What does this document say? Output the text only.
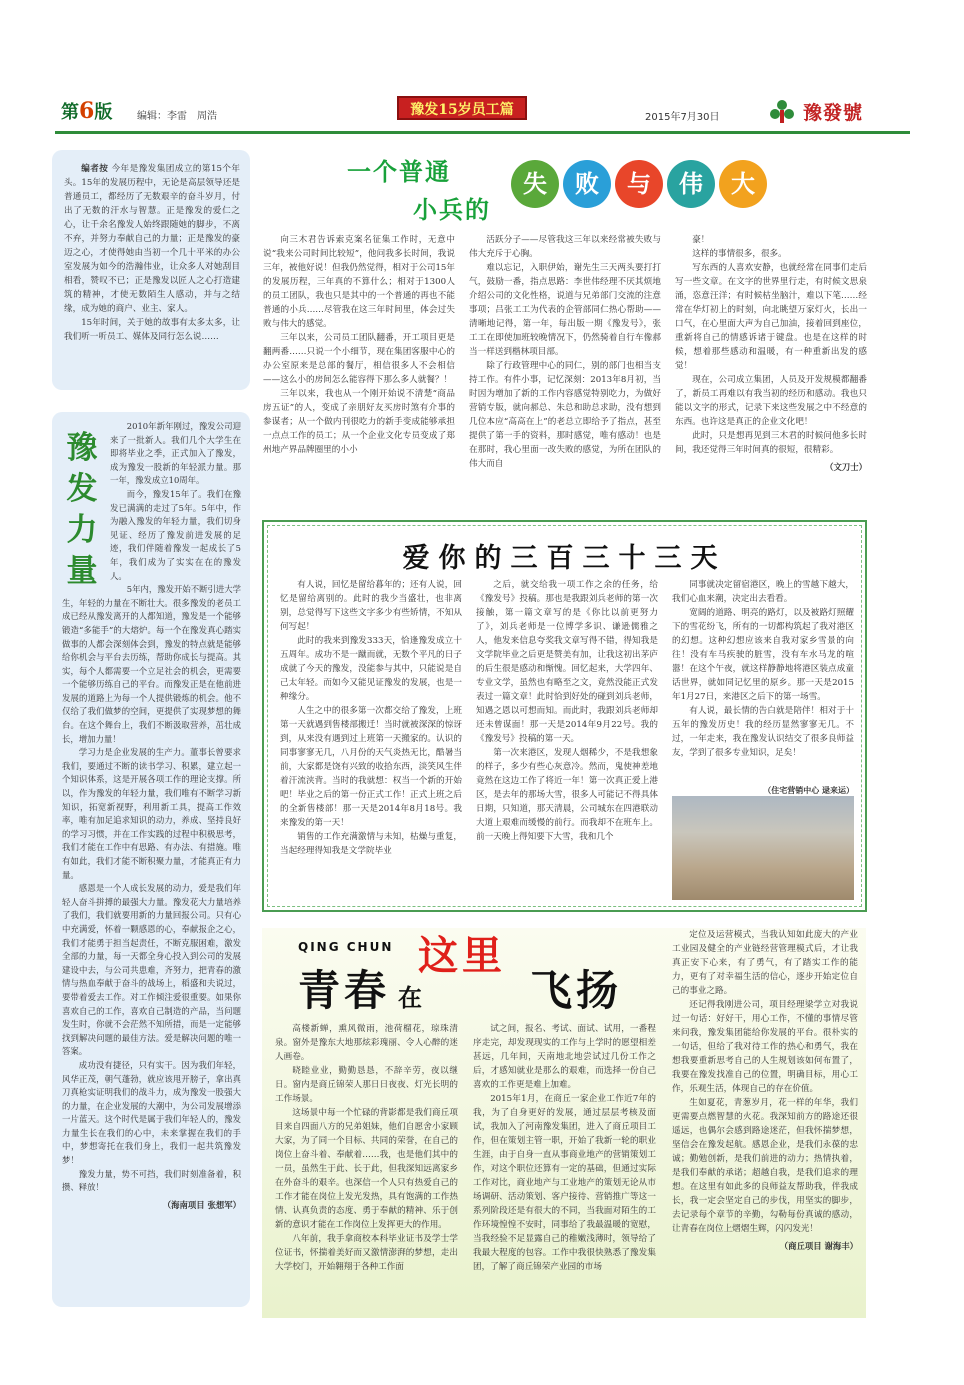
第6版 编辑：李雷　周浩	豫发15岁员工篇	2015年7月30日	豫發號

编者按 今年是豫发集团成立的第15个年头。15年的发展历程中，无论是高层领导还是普通员工，都经历了无数艰辛的奋斗岁月，付出了无数的汗水与智慧。正是豫发的爱仁之心，让千余名豫发人始终跟随她的脚步，不离不弃，并努力奉献自己的力量；正是豫发的豪迈之心，才使得她由当初一个几十平米的办公室发展为如今的浩瀚伟业，让众多人对她刮目相看，赞叹不已；正是豫发以匠人之心打造建筑的精神，才使无数陌生人感动，并与之结缘，成为她的商户、业主、家人。

15年时间，关于她的故事有太多太多，让我们听一听员工、媒体及同行怎么说……

豫
发
力
量

2010年新年刚过，豫发公司迎来了一批新人。我们几个大学生在即将毕业之季，正式加入了豫发，成为豫发一股新的年轻派力量。那一年，豫发成立10周年。

而今，豫发15年了。我们在豫发已满满的走过了5年。5年中，作为融入豫发的年轻力量，我们切身见证、经历了豫发前进发展的足迹，我们伴随着豫发一起成长了5年，我们成为了实实在在的豫发人。

5年内，豫发开始不断引进大学生，年轻的力量在不断壮大。很多豫发的老员工成已经从豫发离开的人都知道，豫发是一个能够锻造“多能手”的大熔炉。每一个在豫发真心踏实做事的人都会深刻体会到，豫发的特点就是能够给你机会与平台去历练，帮助你成长与提高。其实，每个人都需要一个立足社会的机会，更需要一个能够历练自己的平台。而豫发正是在他前进发展的道路上为每一个人提供锻炼的机会。他不仅给了我们做梦的空间，更提供了实现梦想的舞台。在这个舞台上，我们不断汲取营养，茁壮成长，增加力量！

学习力是企业发展的生产力。董事长曾要求我们，要通过不断的读书学习、积累，建立起一个知识体系，这是开展各项工作的理论支撑。所以，作为豫发的年轻力量，我们唯有不断学习新知识，拓宽新视野，利用新工具，提高工作效率，唯有加足追求知识的动力，养成、坚持良好的学习习惯，并在工作实践的过程中积极思考，我们才能在工作中有思路、有办法、有措施。唯有如此，我们才能不断积聚力量，才能真正有力量。

感恩是一个人成长发展的动力，爱是我们年轻人奋斗拼搏的最强大力量。豫发花大力量培养了我们，我们就要用新的力量回报公司。只有心中充满爱，怀着一颗感恩的心，奉献报企之心，我们才能勇于担当起责任，不断克服困难，激发全部的力量，每一天都全身心投入到公司的发展建设中去，与公司共患难，齐努力，把青春的激情与热血奉献于奋斗的战场上，稻盛和夫说过，要带着爱去工作。对工作倾注爱很重要。如果你喜欢自己的工作，喜欢自己制造的产品，当问题发生时，你就不会茫然不知所措，而是一定能够找到解决问题的最佳方法。爱是解决问题的唯一答案。

成功没有捷径，只有实干。因为我们年轻，风华正茂，朝气蓬勃，就应该甩开膀子，拿出真刀真枪实证明我们的战斗力，成为豫发一股强大的力量，在企业发展的大潮中，为公司发展增添一片蓝天。这个时代是属于我们年轻人的，豫发力量生长在我们的心中，未来掌握在我们的手中，梦想寄托在我们身上，我们一起共筑豫发梦！

豫发力量，势不可挡，我们时刻准备着，积攒、释放！

（海南项目 张想军）
一个普通
小兵的
失	败	与	伟	大

向三木君告诉索克案名征集工作时，无意中说“我来公司时间比较短”，他问我多长时间，我说三年，被他好说！但我仍然觉得，相对于公司15年的发展历程，三年真的不算什么；相对于1300人的员工团队，我也只是其中的一个普通的再也不能普通的小兵……尽管我在这三年时间里，体会过失败与伟大的感觉。

三年以来，公司员工团队翻番，开工项目更是翻两番……只说一个小细节，现在集团客服中心的办公室原来是总部的餐厅，相信很多人不会相信——这么小的房间怎么能容得下那么多人就餐？！

三年以来，我也从一个刚开始说不清楚“商品房五证”的人，变成了亲朋好友买房时煞有介事的参谋者；从一个做内刊很吃力的新手变成能够承担一点点工作的员工；从一个企业文化专员变成了郑州地产界品牌圈里的小小

活跃分子——尽管我这三年以来经常被失败与伟大充斥于心胸。

难以忘记，入职伊始，谢先生三天两头要打打气，鼓励一番，指点思路：李世伟经理不厌其烦地介绍公司的文化性格，说道与兄弟部门交流的注意事项；吕张工工为代表的企管部同仁热心帮助——清晰地记得，第一年，每出版一期《豫发号》，张工工在即使加班较晚情况下，仍然骑着自行车像郝当一样送到楷林项目部。

除了行政管理中心的同仁，别的部门也相当支持工作。有件小事，记忆深刻：2013年8月初，当时因为增加了新的工作内容感觉特别吃力，为做好营销专版，就向郝总、朱总和助总求助，没有想到几位本应“高高在上”的老总立即给予了指点，甚至提供了第一手的资料，那时感觉，唯有感动！也是在那时，我心里面一改失败的感觉，为所在团队的伟大而自

豪！

这样的事情很多，很多。

写东西的人喜欢安静，也就经常在同事们走后写一些文章。在文字的世界里行走，有时候文思泉涌，恣意汪洋；有时候枯坐脑汁，难以下笔……经常在华灯初上的时刻，向北眺望万家灯火，长出一口气，在心里面大声为自己加油，接着回到座位，重新将自己的情感诉诸于键盘。也是在这样的时候，想着那些感动和温暖，有一种重新出发的感觉！

现在，公司成立集团，人员及开发规模都翻番了，新员工再难以有我当初的经历和感动。我也只能以文字的形式，记录下来这些发展之中不经意的东西。也许这是真正的企业文化吧！

此时，只是想再见到三木君的时候问他多长时间，我还觉得三年时间真的很短，很精彩。

（文刀士）
爱你的三百三十三天

有人说，回忆是留给暮年的；还有人说，回忆是留给离别的。此时的我少当盛壮，也非离别，总觉得写下这些文字多少有些矫情，不知从何写起！

此时的我来到豫发333天，恰逢豫发成立十五周年。成功不是一蹴而就，无数个平凡的日子成就了今天的豫发，没能参与其中，只能说是自己太年轻。而如今又能见证豫发的发展，也是一种缘分。

人生之中的很多第一次都交给了豫发，上班第一天就遇到售楼部搬迁！当时就被深深的惊讶到，从来没有遇到过上班第一天搬家的。认识的同事寥寥无几，八月份的天气炎热无比，酷暑当前，大家都是饶有兴致的收拾东西，淡笑风生伴着汗流浃背。当时的我就想：权当一个新的开始吧！毕业之后的第一份正式工作！正式上班之后的全新售楼部！那一天是2014年8月18号。我来豫发的第一天！

销售的工作充满激情与未知，枯燥与重复，当起经理得知我是文学院毕业

之后，就交给我一项工作之余的任务，给《豫发号》投稿。那也是我跟刘兵老师的第一次接触，第一篇文章写的是《你比以前更努力了》，刘兵老师是一位博学多识、谦逊儒雅之人，他发来信息夸奖我文章写得不错，得知我是文学院毕业之后更是赞美有加，让我这初出茅庐的后生很是感动和惭愧。回忆起来，大学四年、专业文学，虽然也有略至之文，竟然没能正式发表过一篇文章！此时恰到好处的碰到刘兵老师，知遇之恩以可想而知。而此时，我跟刘兵老师却还未曾谋面！那一天是2014年9月22号。我的《豫发号》投稿的第一天。

第一次来港区，发现人烟稀少，不是我想象的样子，多少有些心灰意冷。然而，鬼使神差地竟然在这边工作了将近一年！第一次真正爱上港区，是去年的那场大雪，很多人可能记不得具体日期，只知道，那天清晨，公司城东在四港联动大道上艰难而缓慢的前行。而我却不在班车上。前一天晚上得知要下大雪，我和几个

同事就决定留宿港区，晚上的雪越下越大，我们心血来潮，决定出去看看。

宽阔的道路、明亮的路灯，以及被路灯照耀下的雪花纷飞，所有的一切都构筑起了我对港区的幻想。这种幻想应该来自我对家乡雪景的向往！没有车马疾驶的脏雪，没有车水马龙的喧嚣！在这个午夜，就这样静静地将港区装点成童话世界，就如同记忆里的原乡。那一天是2015年1月27日，来港区之后下的第一场雪。

有人说，最长情的告白就是陪伴！相对于十五年的豫发历史！我的经历显然寥寥无几。不过，一年走来，我在豫发认识结交了很多良师益友，学到了很多专业知识，足矣！

（住宅营销中心 逯来运）
QING CHUN
青春 在
这里
飞扬

高楼新蝉，熏风微雨，池荷榴花，琼珠清泉。窗外是豫东大地那炫彩瑰丽、令人心醉的迷人画卷。

晓睦业业，勤勤恳恳，不辞辛劳，夜以继日。窗内是商丘锦荣人那日日夜夜、灯光长明的工作场景。

这场景中每一个忙碌的背影都是我们商丘项目来自四面八方的兄弟姐妹，他们自愿舍小家顾大家，为了同一个目标、共同的荣誉，在自己的岗位上奋斗着、奉献着……我，也是他们其中的一员，虽然生于此、长于此，但我深知远离家乡在外奋斗的艰辛。也深信一个人只有热爱自己的工作才能在岗位上发光发热，具有饱满的工作热情、认真负责的态度、勇于奉献的精神、乐于创新的意识才能在工作岗位上发挥更大的作用。

八年前，我手拿商校本科毕业证书及学士学位证书，怀揣着美好而又激情澎湃的梦想，走出大学校门，开始翱翔于各种工作面

试之间，报名、考试、面试、试用，一番程序走完，却发现现实的工作与上学时的愿望相差甚远，几年间，天南地北地尝试过几份工作之后，才感知就业是那么的艰难，而选择一份自己喜欢的工作更是难上加难。

2015年1月，在商丘一家企业工作近7年的我，为了自身更好的发展，通过层层考核及面试，我加入了河南豫发集团，进入了商丘项目工作，但在策划主管一职，开始了我新一轮的职业生涯，由于自身一直从事商业地产的营销策划工作，对这个职位还算有一定的基础，但通过实际工作对比，商业地产与工业地产的策划无论从市场调研、活动策划、客户接待、营销推广等这一系列阶段还是有很大的不同，当我面对陌生的工作环境惶惶不安时，同事给了我最温暖的宽慰，当我经验不足显露自己的稚嫩浅薄时，领导给了我最大程度的包容。工作中我很快熟悉了豫发集团，了解了商丘锦荣产业园的市场

定位及运营模式，当我认知如此庞大的产业工业园及健全的产业链经营管理模式后，才让我真正安下心来，有了勇气，有了踏实工作的能力，更有了对幸福生活的信心，逐步开始定位自己的事业之路。

还记得我刚进公司，项目经理梁学立对我说过一句话：好好干，用心工作，不懂的事情尽管来问我，豫发集团能给你发展的平台。很朴实的一句话，但给了我对待工作的热心和勇气，我在想我要重新思考自己的人生规划该如何布置了，我要在豫发找准自己的位置，明确目标，用心工作，乐观生活，体现自己的存在价值。

生如夏花，青葱岁月，花一样的年华，我们更需要点燃智慧的火花。我深知前方的路途还很遥远，也偶尔会感到路途迷茫，但我怀揣梦想，坚信会在豫发起航。感恩企业，是我们永葆的忠诚；勤勉创新，是我们前进的动力；热情执着，是我们奉献的承诺；超越自我，是我们追求的理想。在这里有如此多的良师益友帮助我，伴我成长，我一定会坚定自己的步伐，用坚实的脚步，去记录每个章节的辛勤，勾勒每份真诚的感动，让青春在岗位上熠熠生辉，闪闪发光！

（商丘项目 谢海丰）
